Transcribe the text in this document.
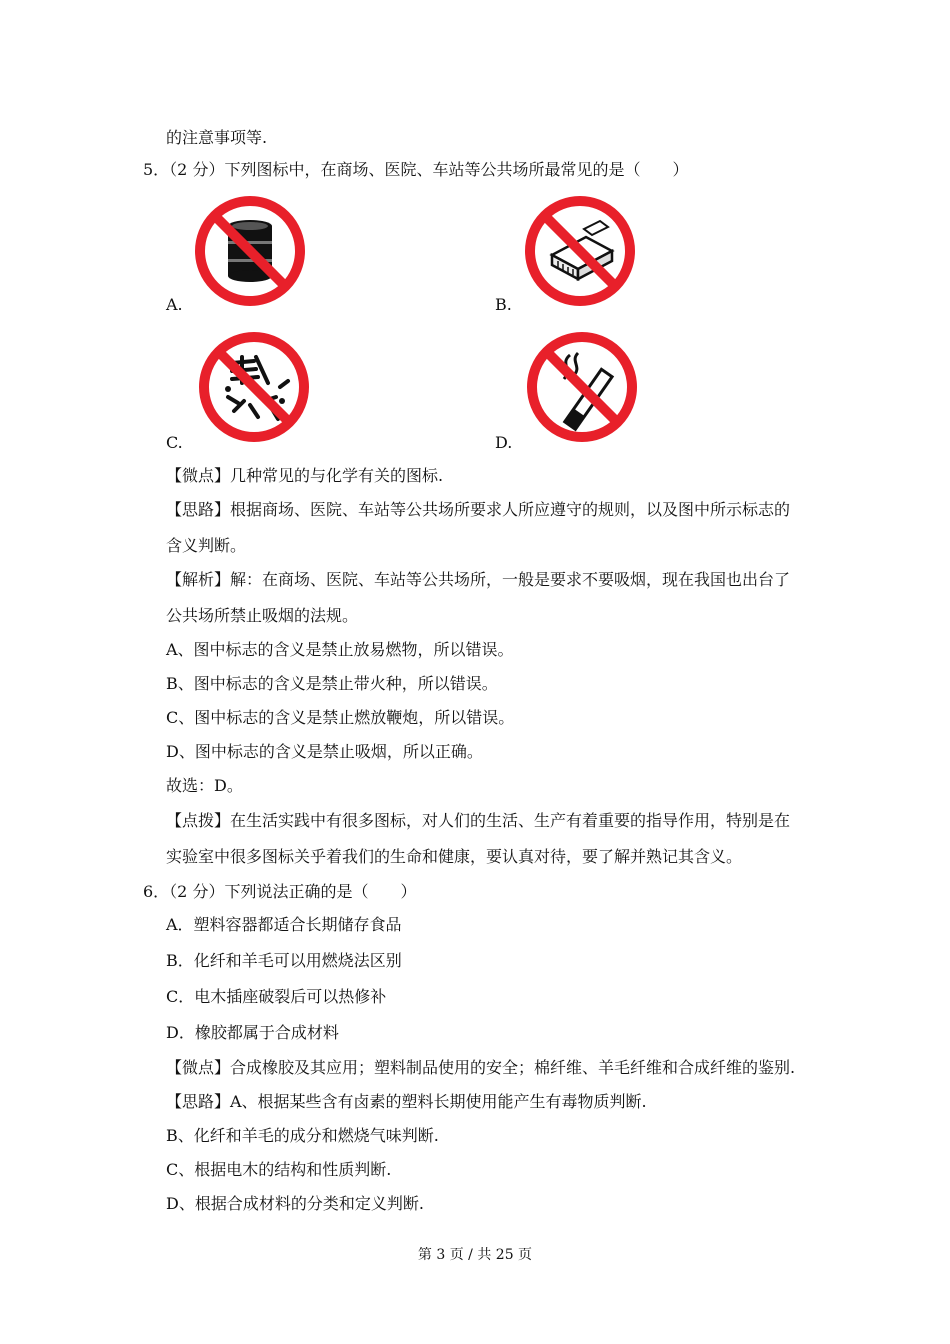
的注意事项等.
5．（2 分）下列图标中，在商场、医院、车站等公共场所最常见的是（　　）
A.	B.
C.	D.
【微点】几种常见的与化学有关的图标.
【思路】根据商场、医院、车站等公共场所要求人所应遵守的规则，以及图中所示标志的
含义判断。
【解析】解：在商场、医院、车站等公共场所，一般是要求不要吸烟，现在我国也出台了
公共场所禁止吸烟的法规。
A、图中标志的含义是禁止放易燃物，所以错误。
B、图中标志的含义是禁止带火种，所以错误。
C、图中标志的含义是禁止燃放鞭炮，所以错误。
D、图中标志的含义是禁止吸烟，所以正确。
故选：D。
【点拨】在生活实践中有很多图标，对人们的生活、生产有着重要的指导作用，特别是在
实验室中很多图标关乎着我们的生命和健康，要认真对待，要了解并熟记其含义。
6．（2 分）下列说法正确的是（　　）
A．塑料容器都适合长期储存食品
B．化纤和羊毛可以用燃烧法区别
C．电木插座破裂后可以热修补
D．橡胶都属于合成材料
【微点】合成橡胶及其应用；塑料制品使用的安全；棉纤维、羊毛纤维和合成纤维的鉴别.
【思路】A、根据某些含有卤素的塑料长期使用能产生有毒物质判断.
B、化纤和羊毛的成分和燃烧气味判断.
C、根据电木的结构和性质判断.
D、根据合成材料的分类和定义判断.
第 3 页 / 共 25 页
